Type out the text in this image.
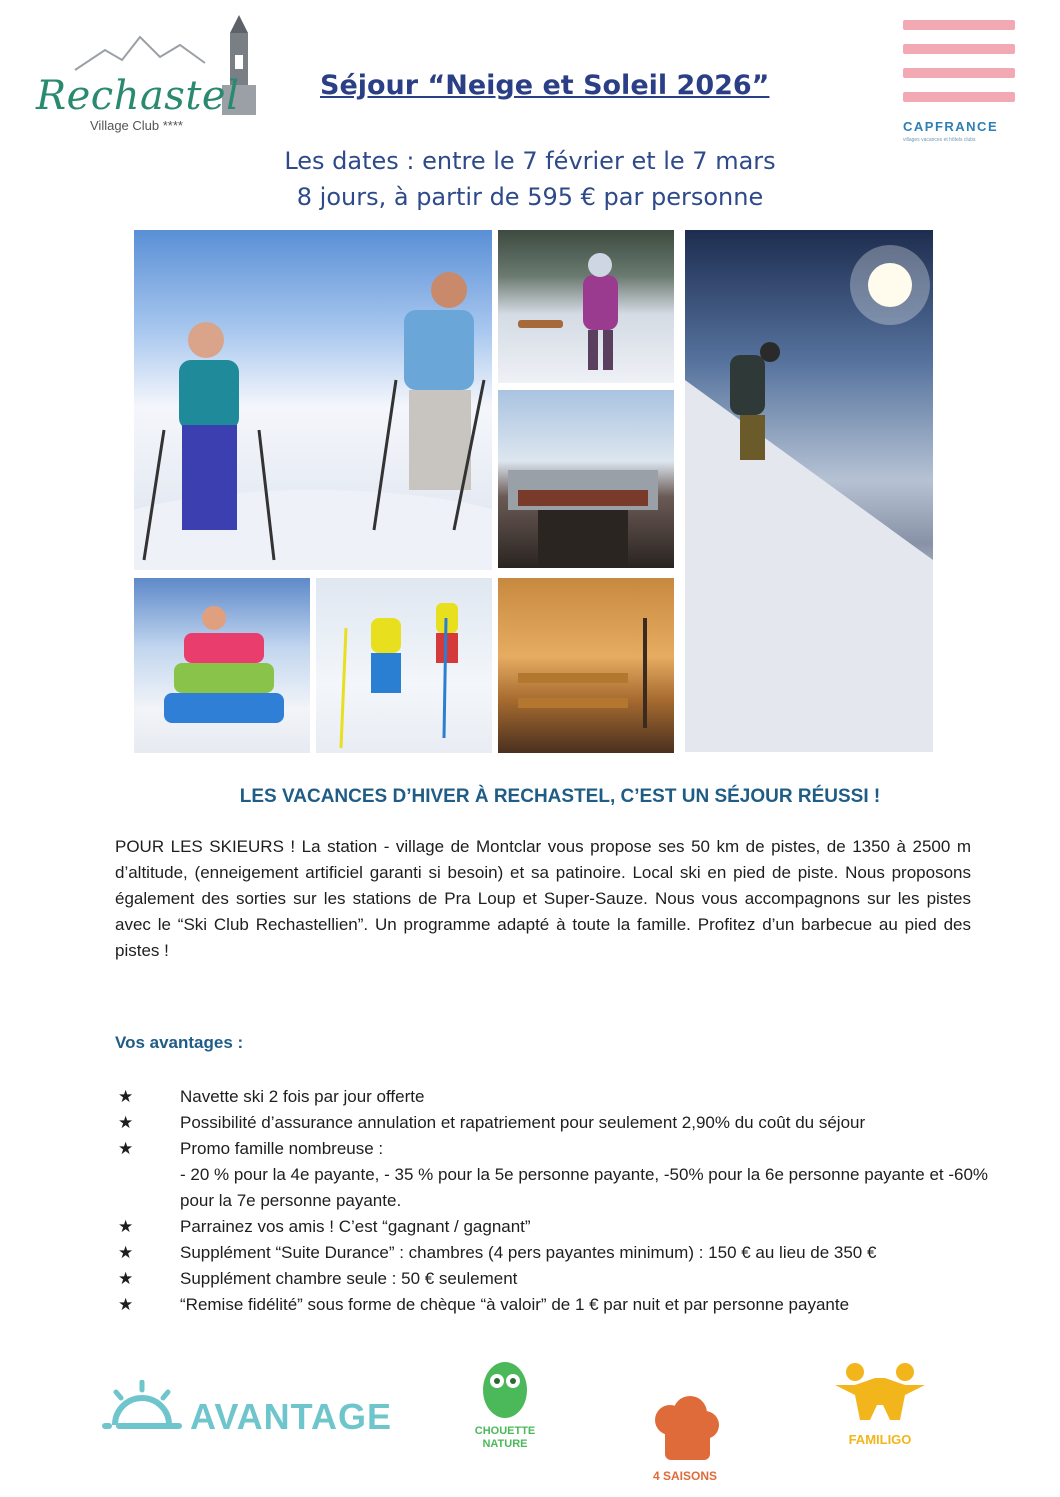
Rechastel
Village Club ****
Séjour “Neige et Soleil 2026”
Les dates : entre le 7 février et le 7 mars
8 jours, à partir de 595 € par personne
CAPFRANCE
villages vacances et hôtels clubs
LES VACANCES D’HIVER À RECHASTEL, C’EST UN SÉJOUR RÉUSSI !
POUR LES SKIEURS ! La station - village de Montclar vous propose ses 50 km de pistes, de 1350 à 2500 m d’altitude, (enneigement artificiel garanti si besoin) et sa patinoire. Local ski en pied de piste. Nous proposons également des sorties sur les stations de Pra Loup et Super-Sauze. Nous vous accompagnons sur les pistes avec le “Ski Club Rechastellien”. Un programme adapté à toute la famille. Profitez d’un barbecue au pied des pistes !
Vos avantages :
★	Navette ski 2 fois par jour offerte
★	Possibilité d’assurance annulation et rapatriement pour seulement 2,90% du coût du séjour
★	Promo famille nombreuse :
- 20 % pour la 4e payante, - 35 % pour la 5e personne payante, -50% pour la 6e personne payante et -60% pour la 7e personne payante.
★	Parrainez vos amis ! C’est “gagnant / gagnant”
★	Supplément “Suite Durance” : chambres (4 pers payantes minimum) : 150 € au lieu de 350 €
★	Supplément chambre seule : 50 € seulement
★	“Remise fidélité” sous forme de chèque “à valoir” de 1 € par nuit et par personne payante
AVANTAGE	CHOUETTE
NATURE
4 SAISONS
FAMILIGO
